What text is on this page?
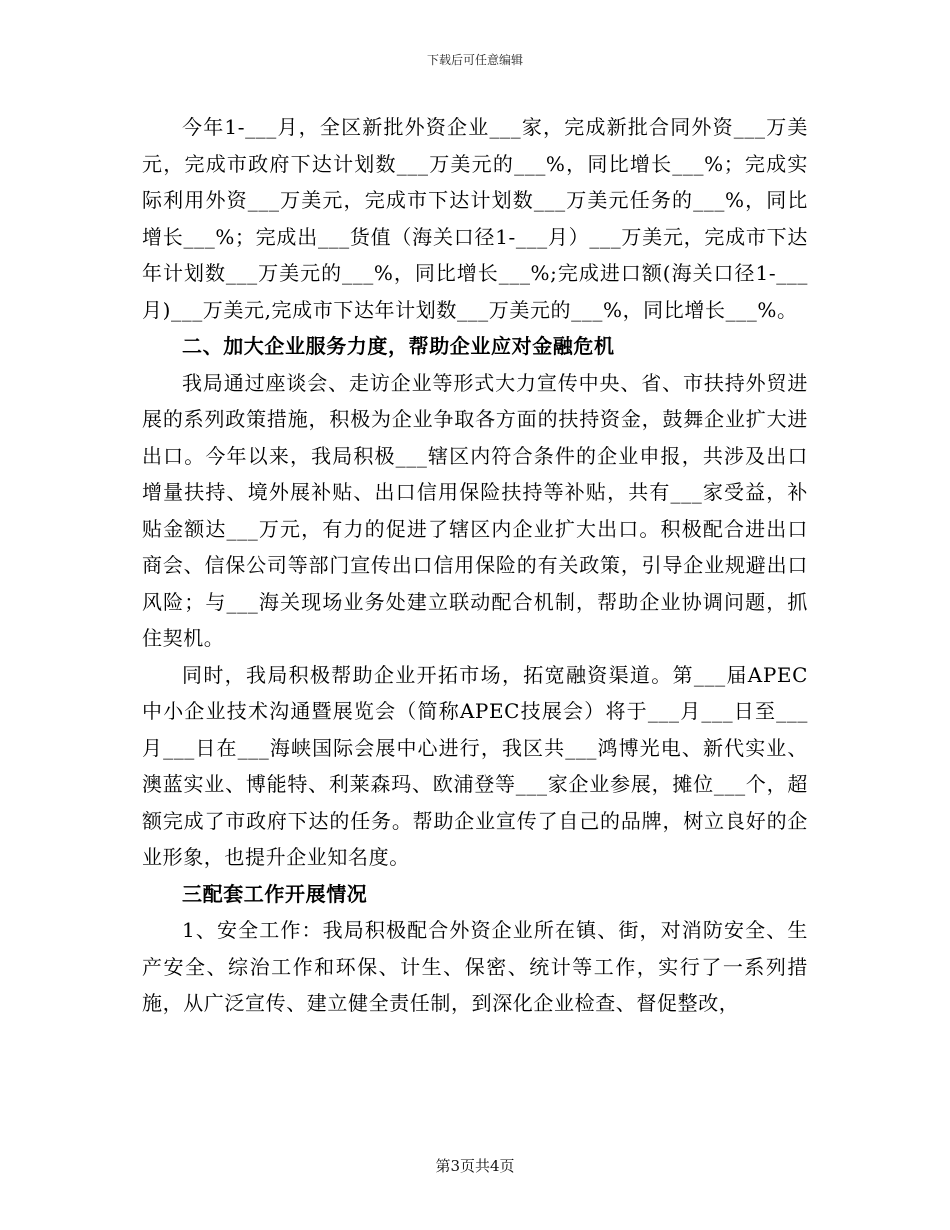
下载后可任意编辑

今年1-___月，全区新批外资企业___家，完成新批合同外资___万美元，完成市政府下达计划数___万美元的___%，同比增长___%；完成实际利用外资___万美元，完成市下达计划数___万美元任务的___%，同比增长___%；完成出___货值（海关口径1-___月）___万美元，完成市下达年计划数___万美元的___%，同比增长___%;完成进口额(海关口径1-___月)___万美元,完成市下达年计划数___万美元的___%，同比增长___%。

二、加大企业服务力度，帮助企业应对金融危机

我局通过座谈会、走访企业等形式大力宣传中央、省、市扶持外贸进展的系列政策措施，积极为企业争取各方面的扶持资金，鼓舞企业扩大进出口。今年以来，我局积极___辖区内符合条件的企业申报，共涉及出口增量扶持、境外展补贴、出口信用保险扶持等补贴，共有___家受益，补贴金额达___万元，有力的促进了辖区内企业扩大出口。积极配合进出口商会、信保公司等部门宣传出口信用保险的有关政策，引导企业规避出口风险；与___海关现场业务处建立联动配合机制，帮助企业协调问题，抓住契机。

同时，我局积极帮助企业开拓市场，拓宽融资渠道。第___届APEC中小企业技术沟通暨展览会（简称APEC技展会）将于___月___日至___月___日在___海峡国际会展中心进行，我区共___鸿博光电、新代实业、澳蓝实业、博能特、利莱森玛、欧浦登等___家企业参展，摊位___个，超额完成了市政府下达的任务。帮助企业宣传了自己的品牌，树立良好的企业形象，也提升企业知名度。

三配套工作开展情况

1、安全工作：我局积极配合外资企业所在镇、街，对消防安全、生产安全、综治工作和环保、计生、保密、统计等工作，实行了一系列措施，从广泛宣传、建立健全责任制，到深化企业检查、督促整改，

第3页共4页
